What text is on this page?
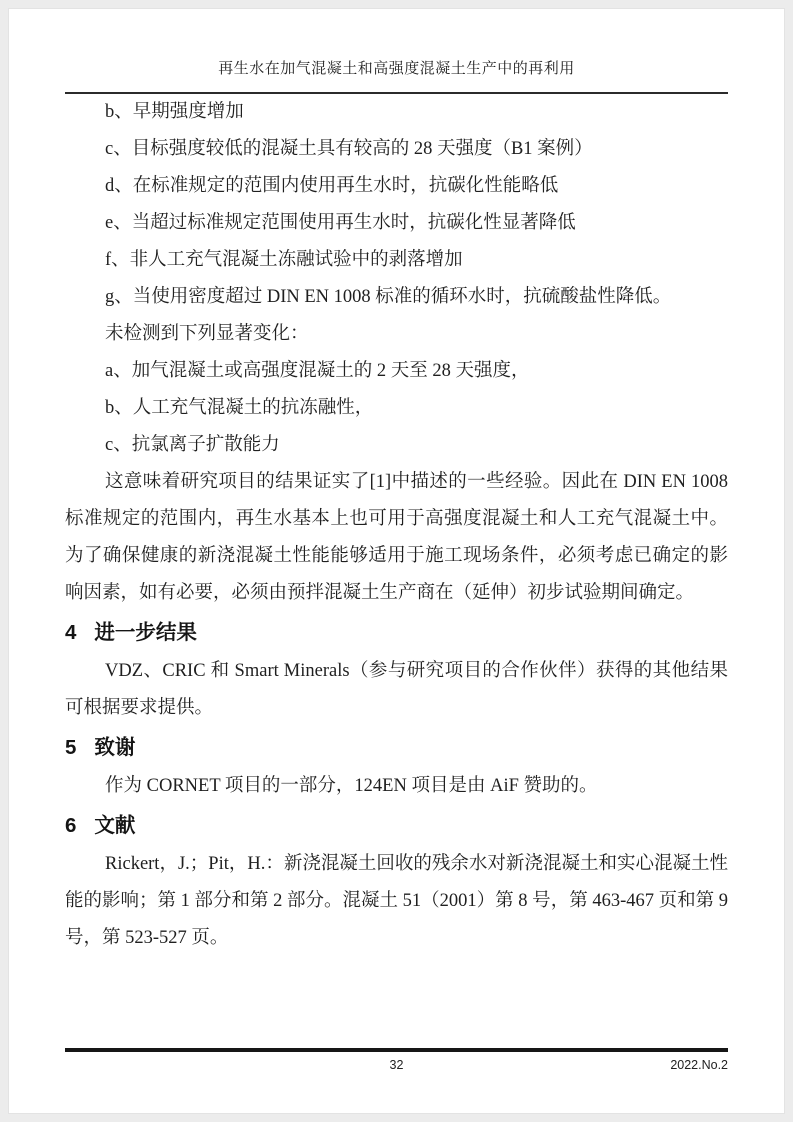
再生水在加气混凝土和高强度混凝土生产中的再利用
b、早期强度增加
c、目标强度较低的混凝土具有较高的 28 天强度（B1 案例）
d、在标准规定的范围内使用再生水时，抗碳化性能略低
e、当超过标准规定范围使用再生水时，抗碳化性显著降低
f、非人工充气混凝土冻融试验中的剥落增加
g、当使用密度超过 DIN EN 1008 标准的循环水时，抗硫酸盐性降低。
未检测到下列显著变化：
a、加气混凝土或高强度混凝土的 2 天至 28 天强度，
b、人工充气混凝土的抗冻融性，
c、抗氯离子扩散能力

这意味着研究项目的结果证实了[1]中描述的一些经验。因此在 DIN EN 1008 标准规定的范围内，再生水基本上也可用于高强度混凝土和人工充气混凝土中。为了确保健康的新浇混凝土性能能够适用于施工现场条件，必须考虑已确定的影响因素，如有必要，必须由预拌混凝土生产商在（延伸）初步试验期间确定。

4 进一步结果

VDZ、CRIC 和 Smart Minerals（参与研究项目的合作伙伴）获得的其他结果可根据要求提供。

5 致谢

作为 CORNET 项目的一部分，124EN 项目是由 AiF 赞助的。

6 文献

Rickert，J.；Pit，H.：新浇混凝土回收的残余水对新浇混凝土和实心混凝土性能的影响；第 1 部分和第 2 部分。混凝土 51（2001）第 8 号，第 463-467 页和第 9 号，第 523-527 页。

32	2022.No.2
